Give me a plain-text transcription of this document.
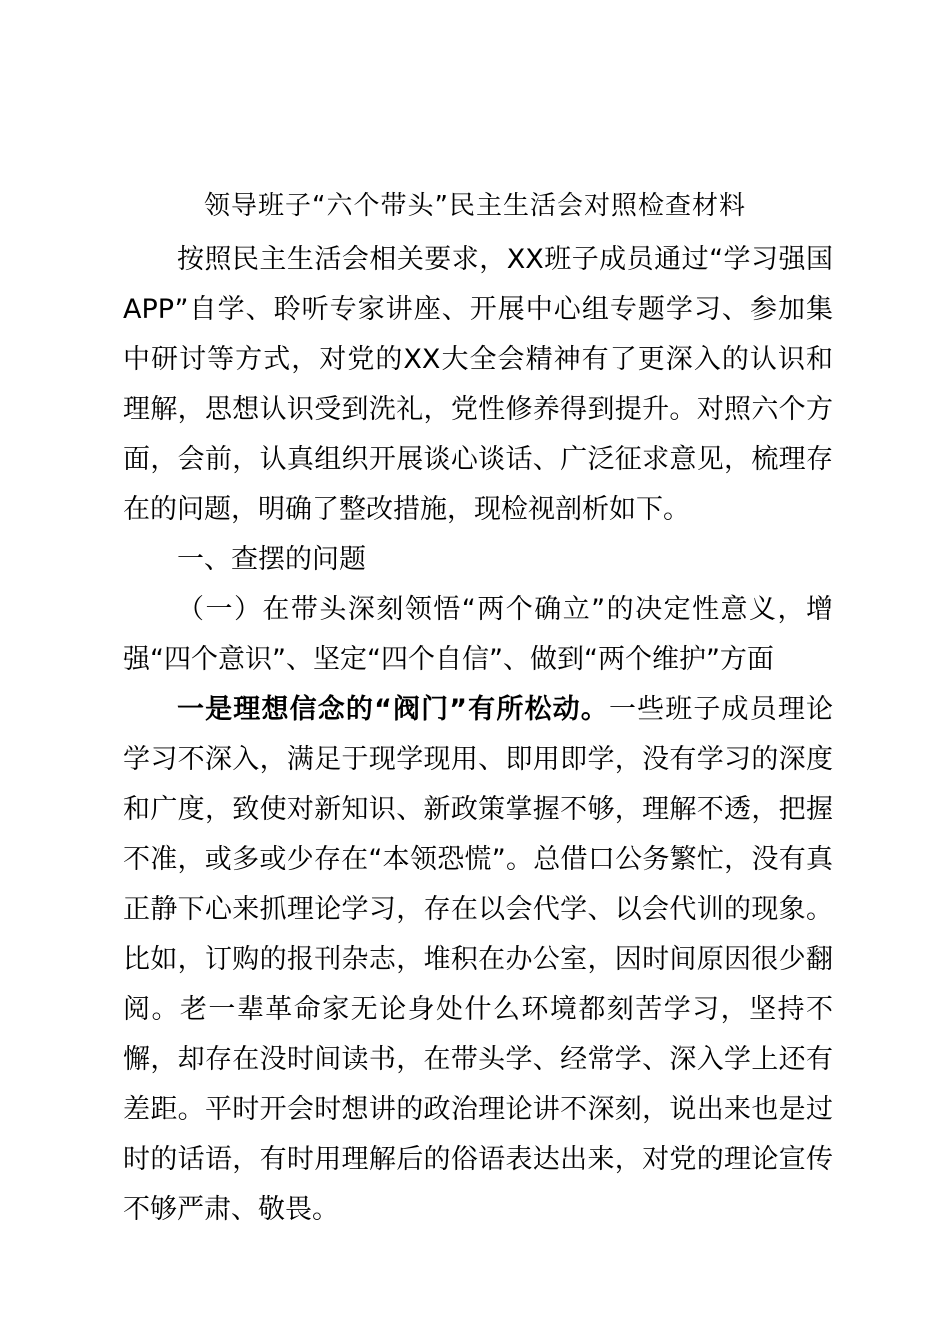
领导班子“六个带头”民主生活会对照检查材料

按照民主生活会相关要求，XX班子成员通过“学习强国APP”自学、聆听专家讲座、开展中心组专题学习、参加集中研讨等方式，对党的XX大全会精神有了更深入的认识和理解，思想认识受到洗礼，党性修养得到提升。对照六个方面，会前，认真组织开展谈心谈话、广泛征求意见，梳理存在的问题，明确了整改措施，现检视剖析如下。

一、查摆的问题

（一）在带头深刻领悟“两个确立”的决定性意义，增强“四个意识”、坚定“四个自信”、做到“两个维护”方面

一是理想信念的“阀门”有所松动。一些班子成员理论学习不深入，满足于现学现用、即用即学，没有学习的深度和广度，致使对新知识、新政策掌握不够，理解不透，把握不准，或多或少存在“本领恐慌”。总借口公务繁忙，没有真正静下心来抓理论学习，存在以会代学、以会代训的现象。比如，订购的报刊杂志，堆积在办公室，因时间原因很少翻阅。老一辈革命家无论身处什么环境都刻苦学习，坚持不懈，却存在没时间读书，在带头学、经常学、深入学上还有差距。平时开会时想讲的政治理论讲不深刻，说出来也是过时的话语，有时用理解后的俗语表达出来，对党的理论宣传不够严肃、敬畏。
